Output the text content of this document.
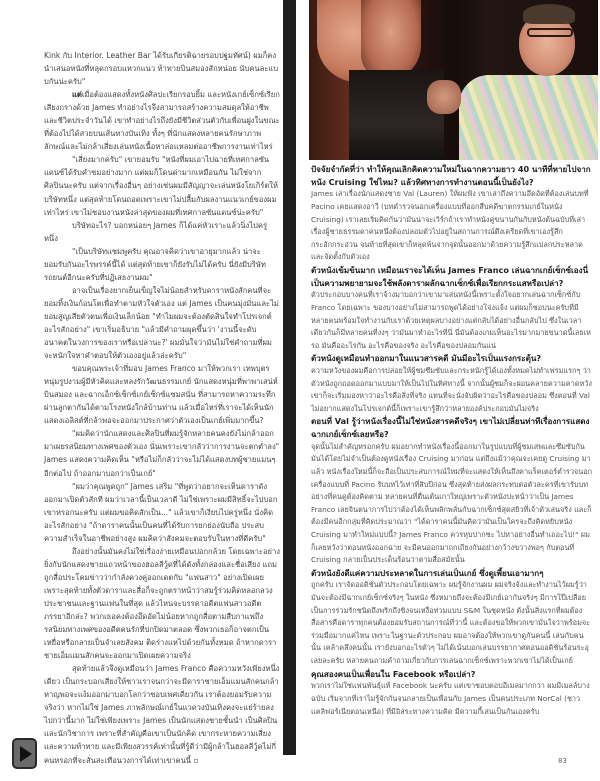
Kink กับ Interior. Leather Bar ได้รับเกียรติฉายรอบปฐมทัศน์) ผมก็คงนำเสนอหนังที่หลุดกรอบแหวกแนว ท้าทายบินสมองสักหน่อย นับคนละแบบกันน่ะครับ"

แต่เมื่อต้องแสดงทั้งหนังศิลปะเรียกรอบยิ้ม และหนังเกย์เซ็กซ์เรียกเสียงกรางด้วย James ทำอย่างไรจึงสามารถสร้างความสมดุลให้อาชีพและชีวิตประจำวันได้ เขาทำอย่างไรถึงยังมีชีวิตส่วนตัวกับเพื่อนฝูงในขณะที่ต้องไปได้สวยบนเส้นทางบันเทิง ทั้งๆ ที่นักแสดงหลายคนรักษาภาพลักษณ์และไม่กล้าเสี่ยงเล่นหนังเนื้อหาล่อแหลมต่ออาชีพการงานเท่าไหร่

"เสี่ยงมากครับ" เขายอมรับ "หนังที่ผมเอาไปฉายที่เทศกาลซันแดนซ์ได้รับคำชมอย่างมาก แต่ผมก็โดนด่ามากเหมือนกัน ไม่ใช่จากศิลปินนะครับ แต่จากเรื่องอื่นๆ อย่างเช่นผมมีสัญญาจะเล่นหนังโยเกิร์ตให้บริษัทหนึ่ง แต่สุดท้ายโดนถอดเพราะเขาไม่ปลื้มกับผลงานแนวเกย์ของผมเท่าไหร่ เขาไม่ชอบงานหนังล่าสุดของผมที่เทศกาลซันแดนซ์น่ะครับ"

บริษัทอะไร? บอกหน่อยๆ James ก็ได้แค่หัวเราะแล้วนิ่งไปครู่หนึ่ง

"เป็นบริษัทแชมพูครับ คุณอาจคิดว่าเขาอายุมากแล้ว น่าจะยอมรับกันอะไรพรรค์นี้ได้ แต่สุดท้ายเขาก็ยังรับไม่ได้ครับ นี่ยังมีบริษัทรถยนต์อีกนะครับที่ปฏิเสธงานผม"

อาจเป็นเรื่องยากเย็นเข็ญใจไม่น้อยสำหรับดาราหนังสักคนที่จะยอมทิ้งเงินก้อนโตเพื่อทำตามหัวใจตัวเอง แต่ James เป็นคนมุ่งมั่นและไม่ยอมสูญเสียตัวตนเพื่อเงินเล็กน้อย "ทำไมผมจะต้องตัดสินใจทำโปรเจกต์อะไรสักอย่าง" เขาเริ่มอธิบาย "แล้วมีคำถามผุดขึ้นว่า 'งานนี้จะดับอนาคตในวงการของเราหรือเปล่านะ?' ผมมั่นใจว่ามันไม่ใช่คำถามที่ผมจะหนักใจหาคำตอบให้ตัวเองอยู่แล้วล่ะครับ"

ขอบคุณพระเจ้าที่มอบ James Franco มาให้พวกเรา เทพบุตรหนุ่มรูปงามผู้มีหัวคิดและหลงรักวัฒนธรรมเกย์ นักแสดงหนุ่มที่พาพาเสน่ห์ บินสมอง และฉากเอ็กซ์เซ็กซ์เกย์เซ็กซ์แซมสนั่น ที่สามารถหาความระทึกผ่านลูกตากันได้ตามโรงหนังใกล้บ้านท่าน แล้วเมื่อไหร่ที่เราจะได้เห็นนักแสดงเอลิสต์ที่กล้าพอจะออกมาประกาศว่าตัวเองเป็นเกย์เพิ่มมากขึ้น?

"ผมคิดว่านักแสดงและศิลปินที่ผมรู้จักหลายคนคงยังไม่กล้าออกมาเผยรสนิยมทางเพศของตัวเอง นั่นเพราะเขากลัวว่าการงานจะตกต่ำลง" James แสดงความคิดเห็น "หรือไม่ก็กลัวว่าจะไม่ได้แสดงบทผู้ชายแมนๆ อีกต่อไป ถ้าออกมาบอกว่าเป็นเกย์"

"ผมว่าคุณพูดถูก" James เสริม "ที่พูดว่าอยากจะเห็นดาราดังออกมาเปิดตัวสักที ผมว่าเวลานี้เป็นเวลาดี ไม่ใช่เพราะผมมีสิทธิ์จะไปบอกเขาหรอกนะครับ แต่ผมขอคิดสักเป็น..." แล้วเขาก็เงียบไปครู่หนึ่ง นั่งคิดอะไรสักอย่าง "ถ้าดาราคนนั้นเป็นคนที่ได้รับการยกย่องนับถือ ประสบความสำเร็จในอาชีพอย่างสูง ผมคิดว่าสังคมจะตอบรับในทางที่ดีครับ"

ถึงอย่างนั้นมันคงไม่ใช่เรื่องง่ายเหมือนปอกกล้วย โดยเฉพาะอย่างยิ่งกับนักแสดงชายแถวหน้าของฮอลลีวู้ดที่ได้ดังทั้งกล่องและชื่อเสียง แถมถูกสื่อประโคมข่าวว่ากำลังควงคู่ออกเดตกับ "แฟนสาว" อย่างเปิดเผย เพราะสุดท้ายทั้งตัวดาราและสื่อก็จะถูกตราหน้าว่าสมรู้ร่วมคิดหลอกลวงประชาชนและฐานแฟนในที่สุด แล้วไหนจะบรรดาอดีตแฟนสาวอดีตภรรยาอีกล่ะ? พวกเธอคงต้องอึดอัดไม่น้อยหากถูกสื่อตามสืบกาแฟถึงรสนิยมทางเพศของอดีตคนรักที่ปกปิดมาตลอด ซึ่งพวกเธอก็อาจตกเป็นเหยื่อหรือกลายเป็นจำเลยสังคม ติดร่างแหไปด้วยกันทั้งหมด ถ้าหากดาราชายเอ็มแมนสักคนจะออกมาเปิดเผยความจริง

สุดท้ายแล้วจึงดูเหมือนว่า James Franco คือความหวังเพียงหนึ่งเดียว เป็นกระบอกเสียงให้ชาวเราจนกว่าจะมีดาราชายเอ็มแมนสักคนกล้าหาญพอจะแง้มออกมาบอกโลกว่าชอบเพศเดียวกัน เราต้องยอมรับความจริงว่า หากไม่ใช่ James ภาพลักษณ์เกย์ในแวดวงบันเทิงคงจะแย่ร้ายลงไปกว่านี้มาก ไม่ใช่เพียงเพราะ James เป็นนักแสดงชายชั้นนำ เป็นศิลปิน และนักวิชาการ เพราะที่สำคัญคือเขาเป็นนักคิด เขากระหายความเสี่ยงและความท้าทาย และมีเพียงสวรรค์เท่านั้นที่รู้ดีว่ามีผู้กล้าในฮอลลีวู้ดไม่กี่คนหรอกที่จะสั่นสะเทือนวงการได้เท่าเขาคนนี้ ▫

ปัจจัยจำกัดที่ว่า ทำให้คุณเลิกคิดความใหม่ในฉากความยาว 40 นาทีที่หายไปจากหนัง Cruising ใช่ไหม? แล้วทิศทางการทำงานตอนนี้เป็นยังไง?

James เล่าเรื่องนักแสดงชาย Val (Lauren) ให้ผมฟัง เขาเล่าถึงความอึดอัดที่ต้องเล่นบทที่ Pacino เคยแสดงอาวี (บทตำรวจนอกเครื่องแบบที่ออกสืบคดีฆาตกรรมเกย์ในหนัง Cruising) เราเลยเริ่มคิดกันว่ามันน่าจะเวิร์กถ้าเราทำหนังคู่ขนานกันกับหนังต้นฉบับที่เล่าเรื่องผู้ชายธรรมดาคนหนึ่งต้องปลอมตัวไปอยู่ในสถานการณ์ตึงเครียดที่เขาเองรู้สึกกระอักกระอ่วน จนท้ายที่สุดเขาก็หลุดพ้นจากจุดนั้นออกมาด้วยความรู้สึกแปลกประหลาดและจัดตั้งกับตัวเอง

ตัวหนังเข้มข้นมาก เหมือนเราจะได้เห็น James Franco เล่นฉากเกย์เซ็กซ์เองนี่เป็นความพยายามจะใช้พลังดาราผลักฉากเซ็กซ์เพื่อเรียกกระแสหรือเปล่า?

ตัวประกอบบางคนที่เราจ้างมาบอกว่าเขามาเล่นหนังนี้เพราะตั้งใจอยากเล่นฉากเซ็กซ์กับ Franco โดยเฉพาะ ของบางอย่างไม่สามารถพูดได้อย่างโจ่งแจ้ง แต่ผมก็ชอบนะครับที่มีหลายคนพร้อมใจทำงานกับเราด้วยเหตุผลบางอย่างแต่กลับได้อย่างอื่นกลับไป ซึ่งในเวลาเดียวกันก็มีหลายคนที่งงๆ ว่ามันมาทำอะไรที่นี่ นี่มันต้องเกมเห็นอะไรมากมายขนาดนี้เลยเหรอ มันคืออะไรกัน อะไรคือของจริง อะไรคือของปลอมกันแน่

ตัวหนังดูเหมือนทำออกมาในแนวสารคดี มันมีอะไรเป็นแรงกระตุ้น?

ความหวังของผมคือการปล่อยให้ผู้ชมซึมซับและกระหนักรู้ได้เองทั้งหมดไม่ทำเฟรมแรกๆ ว่าตัวหนังถูกถอดออกมาแบบมาให้เป็นไปในทิศทางนี้ จากนั้นผู้ชมก็จะผ่อนคลายความคาดหวังเขาก็จะเริ่มมองหาว่าอะไรคือสิ่งที่จริง แทนที่จะนั่งจับผิดว่าอะไรคือของปลอม ซึ่งตอนที่ Val ไม่อยากแสดงในโปรเจกต์นี้ก็เพราะเขารู้สึกว่าหลายองค์ประกอบมันไม่จริง

ตอนที่ Val รู้ว่าหนังเรื่องนี้ไม่ใช่หนังสารคดีจริงๆ เขาไม่เปลี่ยนท่าทีเรื่องการแสดงฉากเกย์เซ็กซ์เลยหรือ?

จุดนั้นไม่สำคัญหรอกครับ ผมอยากทำหนังเรื่องนี้ออกมาในรูปแบบที่ผู้ชมเสพและซึมซับกันมันได้โดยไม่จำเป็นต้องดูหนังเรื่อง Cruising มาก่อน แต่ถึงแม้ว่าคุณจะเคยดู Cruising มาแล้ว หนังเรื่องใหม่นี้ก็จะถือเป็นประสบการณ์ใหม่ที่จะแสดงให้เห็นถึงคาแร็คเตอร์ตำรวจนอกเครื่องแบบที่ Pacino รับบทไว้เท่าที่สิบปีก่อน ซึ่งสุดท้ายส่งผลกระทบต่อตัวละครที่เขารับบทอย่างที่คนดูต้องคิดตาม หลายคนที่ตื่นเต้นเกาใหญ่เพราะตัวหนังปะหน้าว่าเป็น James Franco เลยจินตนาการไปว่าต้องได้เห็นพลิกพลั่นกับฉากเซ็กซ์สุดสยิวที่เจ้าตัวเล่นจริง และก็ต้องมีคนอีกกลุ่มที่คิดประมาณว่า "ได้ดาราคนนี้มันคิดว่ามันเป็นใครจะถึงคิดหยิบหนัง Cruising มาทำใหม่แบบนี้? James Franco ควรหุบปากซะ ไปหาอย่างอื่นทำเถอะไป!" ผมก็เลยหวังว่าตอนหนังออกฉาย จะมีคนออกมาถกเถียงกันอย่างกว้างขวางพอๆ กับตอนที่ Cruising กลายเป็นประเด็นร้อนว่าตามสื่อสมัยนั้น

ตัวหนังยังดีแค่ความประหลาดในการเล่นเป็นเกย์ ซึ่งดูเพี้ยนเอามากๆ

ถูกครับ เราจัดออดิชั่นตัวประกอบโดยเฉพาะ ผมรู้จักงานผม ผมจริงจังและทำงานไว้ผมรู้ว่ามันจะต้องมีฉากเกย์เซ็กซ์จริงๆ ในหนัง ซึ่งหมายถึงจะต้องมีเกย์เอากันจริงๆ มีการโป๊เปลือย เป็นการร่วมรักชนิดถึงพริกถึงขิงจนเหงื่อท่วมแบบ S&M ในชุดหนัง ดังนั้นสิ่งแรกที่ผมต้องสื่อสารคือดาราทุกคนต้องยอมรับสถานการณ์ที่ว่านี้ และต้องขอให้พวกเขามั่นใจว่าพร้อมจะร่วมมือมากแค่ไหน เพราะในฐานะตัวประกอบ ผมอาจต้องให้พวกเขาดูกันคนนี้ เล่นกับคนนั้น เคล้าคลึงคนนั้น เรายังบอกอะไรตัวๆ ไม่ได้เน้นบอกเล่นบรรยากาศตอนออดิชั่นร้อนระอุเลยละครับ หลายคนถามคำถามเกี่ยวกับการเล่นฉากเซ็กซ์เพราะพวกเขาไม่ได้เป็นเกย์

คุณสองคนเป็นเพื่อนใน Facebook หรือเปล่า?

พวกเราไม่ใช่แฟนพันธุ์แท้ Facebook นะครับ แต่เขาชอบตอบอีเมลมากกว่า ผมมีเมลล์บางฉบับ เริ่มจากที่เราไม่รู้จักกันจนกลายเป็นเพื่อนกับ James เป็นคนประเภท NorCal (ชาวแคลิฟอร์เนียตอนเหนือ) ที่มีอิสระทางความคิด มีความกี้เล่นเป็นกันเองครับ

83
